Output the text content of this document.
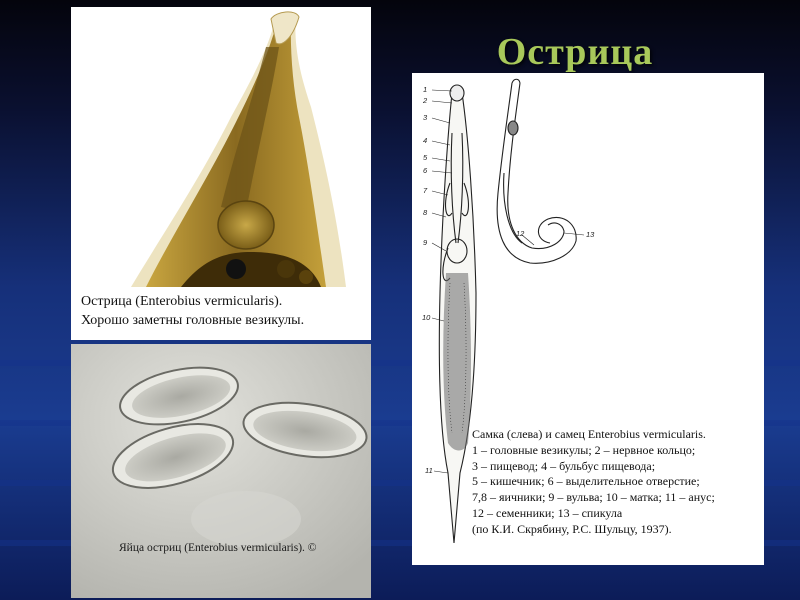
Острица
Острица (Enterobius vermicularis).
Хорошо заметны головные везикулы.
Яйца остриц (Enterobius vermicularis). ©
1
2
3
4
5
6
7
8
9
10
11
12	13
Самка (слева) и самец Enterobius vermicularis.
1 – головные везикулы; 2 – нервное кольцо;
3 – пищевод; 4 – бульбус пищевода;
5 – кишечник; 6 – выделительное отверстие;
7,8 – яичники; 9 – вульва; 10 – матка; 11 – анус;
12 – семенники; 13 – спикула
(по К.И. Скрябину, Р.С. Шульцу, 1937).
